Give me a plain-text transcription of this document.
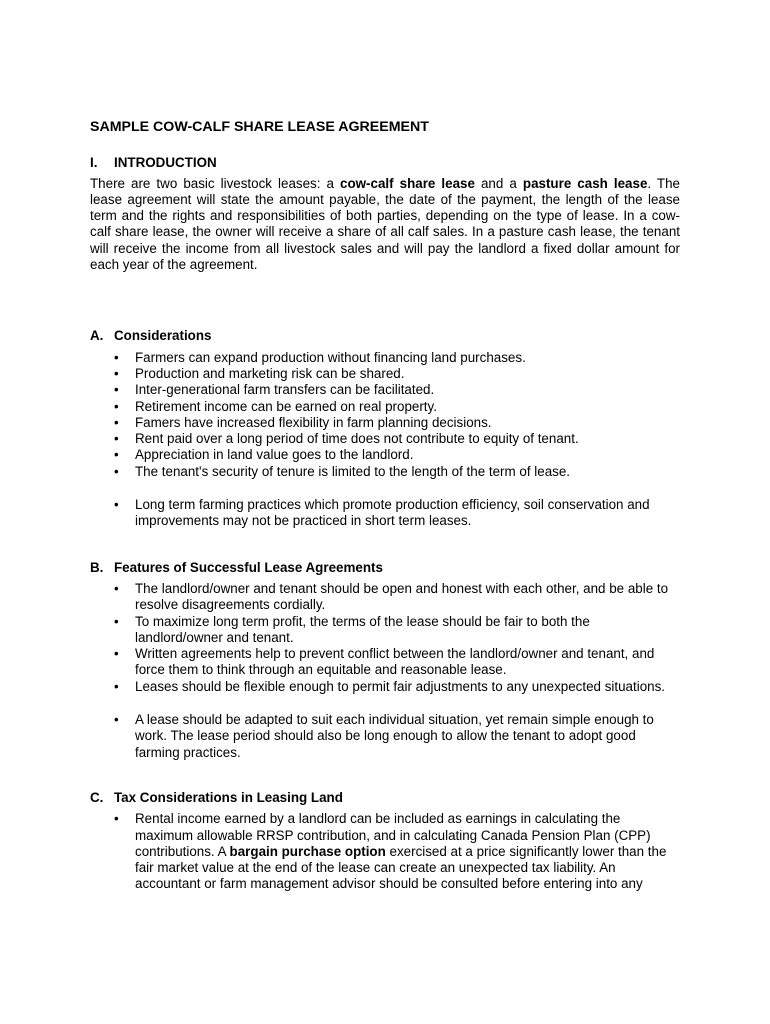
SAMPLE COW-CALF SHARE LEASE AGREEMENT
I.	INTRODUCTION

There are two basic livestock leases: a cow-calf share lease and a pasture cash lease. The lease agreement will state the amount payable, the date of the payment, the length of the lease term and the rights and responsibilities of both parties, depending on the type of lease. In a cow-calf share lease, the owner will receive a share of all calf sales. In a pasture cash lease, the tenant will receive the income from all livestock sales and will pay the landlord a fixed dollar amount for each year of the agreement.

A. Considerations
•	Farmers can expand production without financing land purchases.
•	Production and marketing risk can be shared.
•	Inter-generational farm transfers can be facilitated.
•	Retirement income can be earned on real property.
•	Famers have increased flexibility in farm planning decisions.
•	Rent paid over a long period of time does not contribute to equity of tenant.
•	Appreciation in land value goes to the landlord.
•	The tenant's security of tenure is limited to the length of the term of lease.
•	Long term farming practices which promote production efficiency, soil conservation and improvements may not be practiced in short term leases.
B. Features of Successful Lease Agreements
•	The landlord/owner and tenant should be open and honest with each other, and be able to resolve disagreements cordially.
•	To maximize long term profit, the terms of the lease should be fair to both the landlord/owner and tenant.
•	Written agreements help to prevent conflict between the landlord/owner and tenant, and force them to think through an equitable and reasonable lease.
•	Leases should be flexible enough to permit fair adjustments to any unexpected situations.
•	A lease should be adapted to suit each individual situation, yet remain simple enough to work. The lease period should also be long enough to allow the tenant to adopt good farming practices.
C. Tax Considerations in Leasing Land
•	Rental income earned by a landlord can be included as earnings in calculating the maximum allowable RRSP contribution, and in calculating Canada Pension Plan (CPP) contributions. A bargain purchase option exercised at a price significantly lower than the fair market value at the end of the lease can create an unexpected tax liability. An accountant or farm management advisor should be consulted before entering into any
